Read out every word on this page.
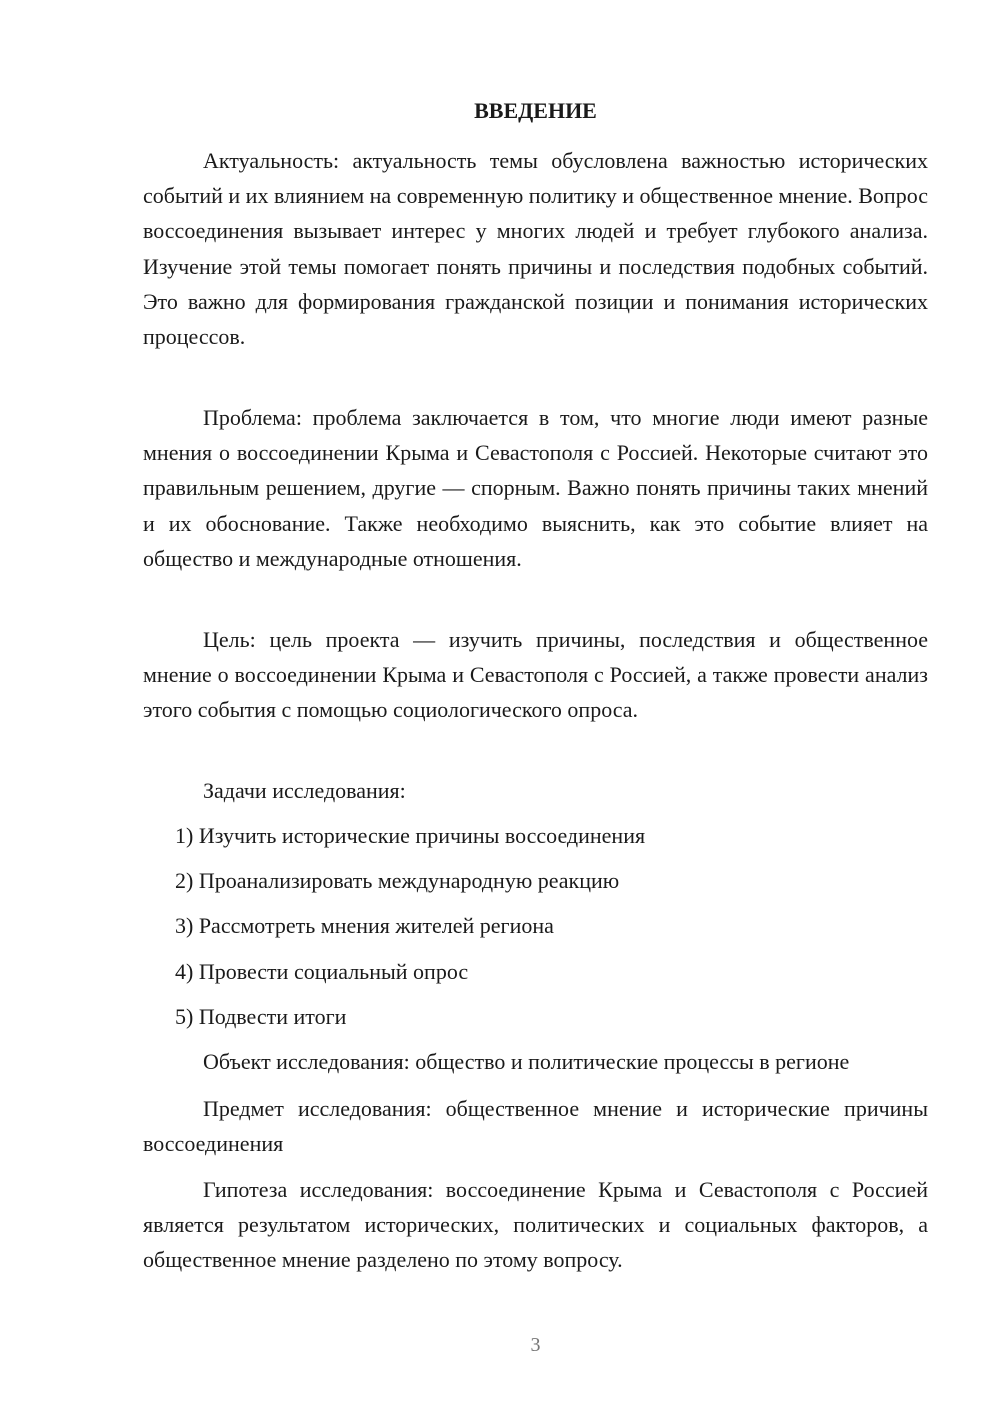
ВВЕДЕНИЕ

Актуальность: актуальность темы обусловлена важностью исторических событий и их влиянием на современную политику и общественное мнение. Вопрос воссоединения вызывает интерес у многих людей и требует глубокого анализа. Изучение этой темы помогает понять причины и последствия подобных событий. Это важно для формирования гражданской позиции и понимания исторических процессов.

Проблема: проблема заключается в том, что многие люди имеют разные мнения о воссоединении Крыма и Севастополя с Россией. Некоторые считают это правильным решением, другие — спорным. Важно понять причины таких мнений и их обоснование. Также необходимо выяснить, как это событие влияет на общество и международные отношения.

Цель: цель проекта — изучить причины, последствия и общественное мнение о воссоединении Крыма и Севастополя с Россией, а также провести анализ этого события с помощью социологического опроса.

Задачи исследования:

1) Изучить исторические причины воссоединения

2) Проанализировать международную реакцию

3) Рассмотреть мнения жителей региона

4) Провести социальный опрос

5) Подвести итоги

Объект исследования: общество и политические процессы в регионе

Предмет исследования: общественное мнение и исторические причины воссоединения

Гипотеза исследования: воссоединение Крыма и Севастополя с Россией является результатом исторических, политических и социальных факторов, а общественное мнение разделено по этому вопросу.

3
